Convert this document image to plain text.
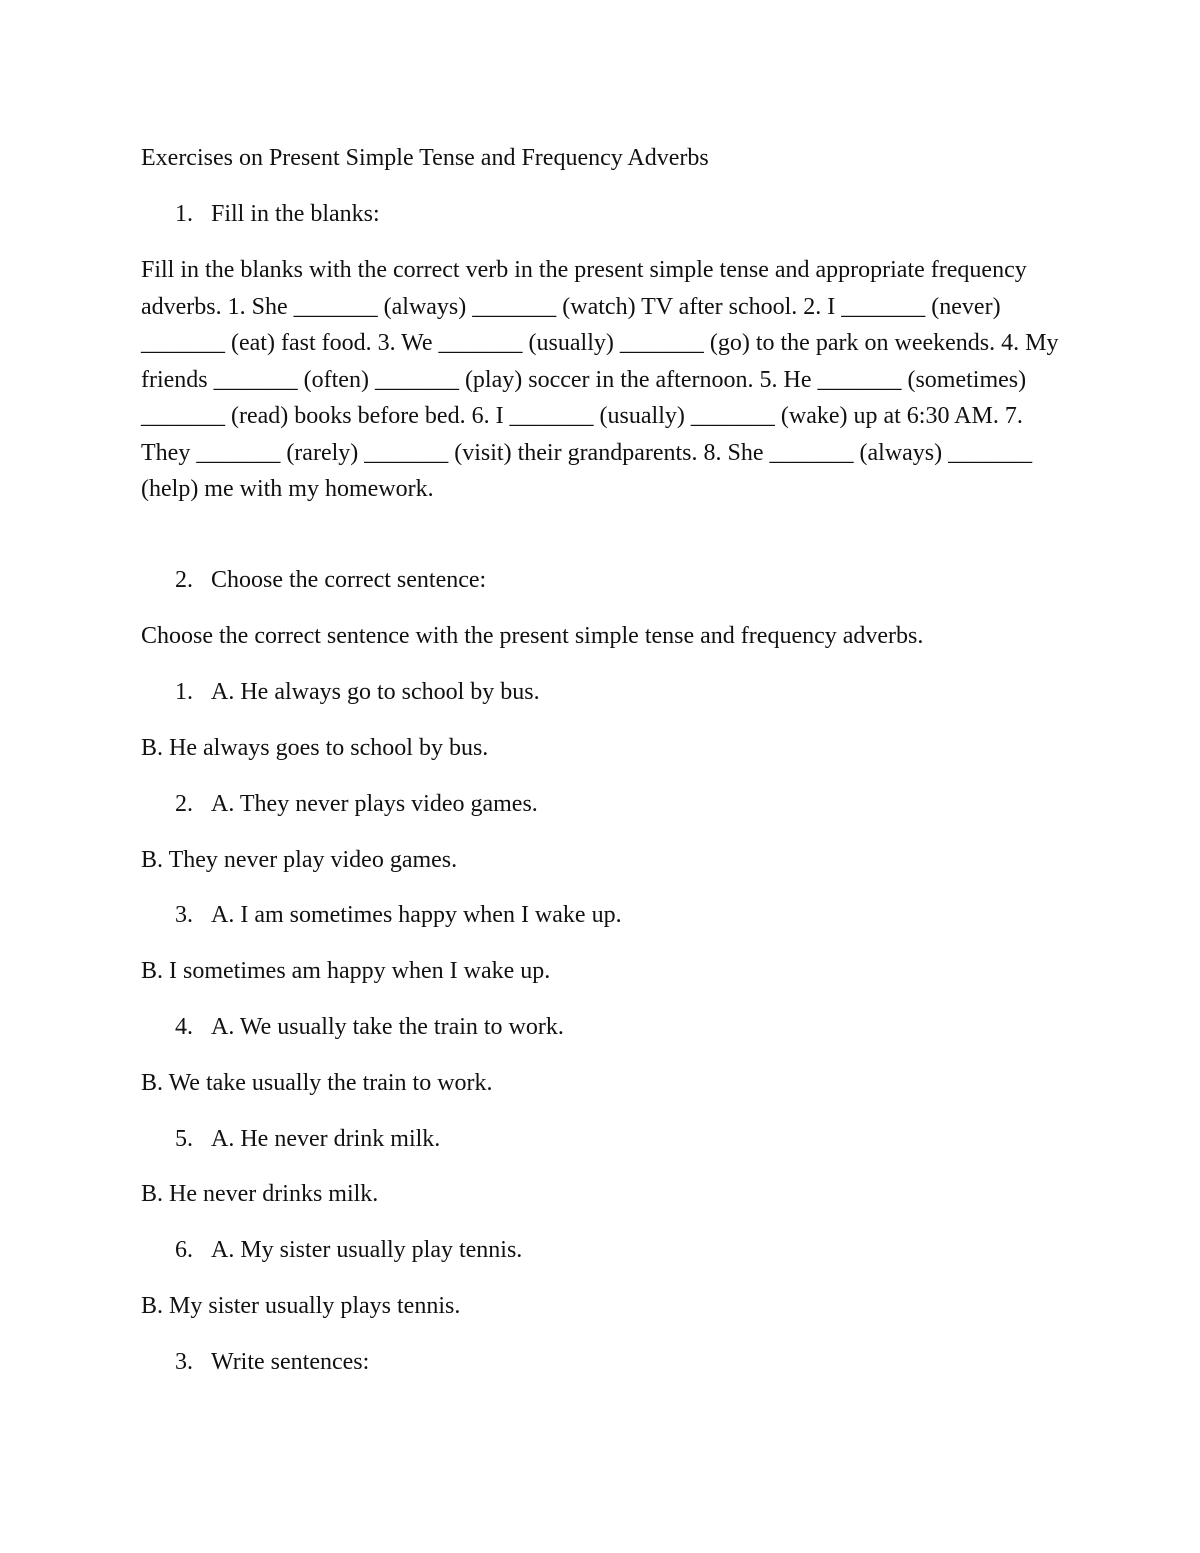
Exercises on Present Simple Tense and Frequency Adverbs
1. Fill in the blanks:
Fill in the blanks with the correct verb in the present simple tense and appropriate frequency adverbs. 1. She _______ (always) _______ (watch) TV after school. 2. I _______ (never) _______ (eat) fast food. 3. We _______ (usually) _______ (go) to the park on weekends. 4. My friends _______ (often) _______ (play) soccer in the afternoon. 5. He _______ (sometimes) _______ (read) books before bed. 6. I _______ (usually) _______ (wake) up at 6:30 AM. 7. They _______ (rarely) _______ (visit) their grandparents. 8. She _______ (always) _______ (help) me with my homework.
2. Choose the correct sentence:
Choose the correct sentence with the present simple tense and frequency adverbs.
1. A. He always go to school by bus.
B. He always goes to school by bus.
2. A. They never plays video games.
B. They never play video games.
3. A. I am sometimes happy when I wake up.
B. I sometimes am happy when I wake up.
4. A. We usually take the train to work.
B. We take usually the train to work.
5. A. He never drink milk.
B. He never drinks milk.
6. A. My sister usually play tennis.
B. My sister usually plays tennis.
3. Write sentences:
